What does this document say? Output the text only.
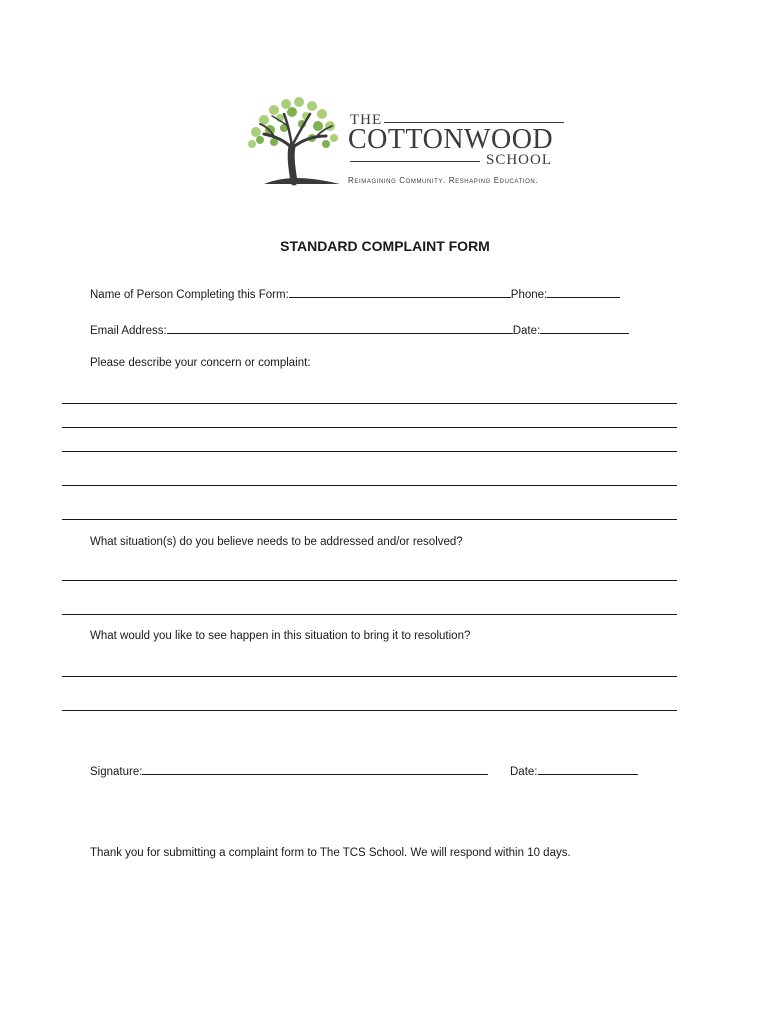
THE
COTTONWOOD
SCHOOL
Reimagining Community. Reshaping Education.
STANDARD COMPLAINT FORM
Name of Person Completing this Form:	Phone:
Email Address:	Date:
Please describe your concern or complaint:
What situation(s) do you believe needs to be addressed and/or resolved?
What would you like to see happen in this situation to bring it to resolution?
Signature:	Date:
Thank you for submitting a complaint form to The TCS School. We will respond within 10 days.
